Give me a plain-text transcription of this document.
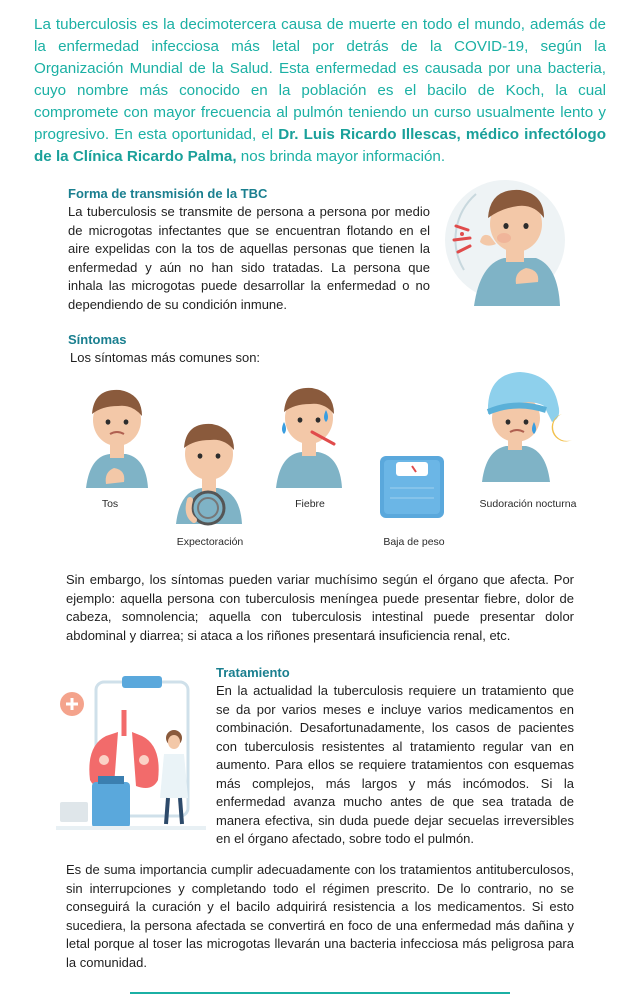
La tuberculosis es la decimotercera causa de muerte en todo el mundo, además de la enfermedad infecciosa más letal por detrás de la COVID-19, según la Organización Mundial de la Salud. Esta enfermedad es causada por una bacteria, cuyo nombre más conocido en la población es el bacilo de Koch, la cual compromete con mayor frecuencia al pulmón teniendo un curso usualmente lento y progresivo. En esta oportunidad, el Dr. Luis Ricardo Illescas, médico infectólogo de la Clínica Ricardo Palma, nos brinda mayor información.

Forma de transmisión de la TBC

La tuberculosis se transmite de persona a persona por medio de microgotas infectantes que se encuentran flotando en el aire expelidas con la tos de aquellas personas que tienen la enfermedad y aún no han sido tratadas. La persona que inhala las microgotas puede desarrollar la enfermedad o no dependiendo de su condición inmune.

Síntomas

Los síntomas más comunes son:

Tos

Expectoración

Fiebre

Baja de peso

Sudoración nocturna

Sin embargo, los síntomas pueden variar muchísimo según el órgano que afecta. Por ejemplo: aquella persona con tuberculosis meníngea puede presentar fiebre, dolor de cabeza, somnolencia; aquella con tuberculosis intestinal puede presentar dolor abdominal y diarrea; si ataca a los riñones presentará insuficiencia renal, etc.

Tratamiento

En la actualidad la tuberculosis requiere un tratamiento que se da por varios meses e incluye varios medicamentos en combinación. Desafortunadamente, los casos de pacientes con tuberculosis resistentes al tratamiento regular van en aumento. Para ellos se requiere tratamientos con esquemas más complejos, más largos y más incómodos. Si la enfermedad avanza mucho antes de que sea tratada de manera efectiva, sin duda puede dejar secuelas irreversibles en el órgano afectado, sobre todo el pulmón.

Es de suma importancia cumplir adecuadamente con los tratamientos antituberculosos, sin interrupciones y completando todo el régimen prescrito. De lo contrario, no se conseguirá la curación y el bacilo adquirirá resistencia a los medicamentos. Si esto sucediera, la persona afectada se convertirá en foco de una enfermedad más dañina y letal porque al toser las microgotas llevarán una bacteria infecciosa más peligrosa para la comunidad.
